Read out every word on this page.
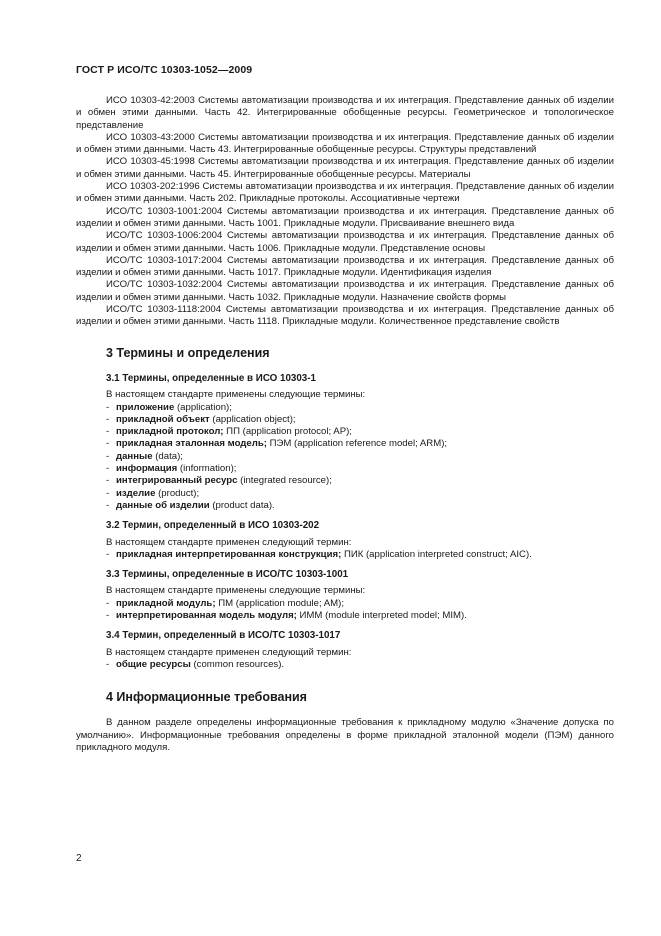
ГОСТ Р ИСО/ТС 10303-1052—2009

ИСО 10303-42:2003 Системы автоматизации производства и их интеграция. Представление данных об изделии и обмен этими данными. Часть 42. Интегрированные обобщенные ресурсы. Геометрическое и топологическое представление

ИСО 10303-43:2000 Системы автоматизации производства и их интеграция. Представление данных об изделии и обмен этими данными. Часть 43. Интегрированные обобщенные ресурсы. Структуры представлений

ИСО 10303-45:1998 Системы автоматизации производства и их интеграция. Представление данных об изделии и обмен этими данными. Часть 45. Интегрированные обобщенные ресурсы. Материалы

ИСО 10303-202:1996 Системы автоматизации производства и их интеграция. Представление данных об изделии и обмен этими данными. Часть 202. Прикладные протоколы. Ассоциативные чертежи

ИСО/ТС 10303-1001:2004 Системы автоматизации производства и их интеграция. Представление данных об изделии и обмен этими данными. Часть 1001. Прикладные модули. Присваивание внешнего вида

ИСО/ТС 10303-1006:2004 Системы автоматизации производства и их интеграция. Представление данных об изделии и обмен этими данными. Часть 1006. Прикладные модули. Представление основы

ИСО/ТС 10303-1017:2004 Системы автоматизации производства и их интеграция. Представление данных об изделии и обмен этими данными. Часть 1017. Прикладные модули. Идентификация изделия

ИСО/ТС 10303-1032:2004 Системы автоматизации производства и их интеграция. Представление данных об изделии и обмен этими данными. Часть 1032. Прикладные модули. Назначение свойств формы

ИСО/ТС 10303-1118:2004 Системы автоматизации производства и их интеграция. Представление данных об изделии и обмен этими данными. Часть 1118. Прикладные модули. Количественное представление свойств

3 Термины и определения
3.1 Термины, определенные в ИСО 10303-1
В настоящем стандарте применены следующие термины:
- приложение (application);
- прикладной объект (application object);
- прикладной протокол; ПП (application protocol; AP);
- прикладная эталонная модель; ПЭМ (application reference model; ARM);
- данные (data);
- информация (information);
- интегрированный ресурс (integrated resource);
- изделие (product);
- данные об изделии (product data).
3.2 Термин, определенный в ИСО 10303-202
В настоящем стандарте применен следующий термин:
- прикладная интерпретированная конструкция; ПИК (application interpreted construct; AIC).
3.3 Термины, определенные в ИСО/ТС 10303-1001
В настоящем стандарте применены следующие термины:
- прикладной модуль; ПМ (application module; AM);
- интерпретированная модель модуля; ИММ (module interpreted model; MIM).
3.4 Термин, определенный в ИСО/ТС 10303-1017
В настоящем стандарте применен следующий термин:
- общие ресурсы (common resources).
4 Информационные требования

В данном разделе определены информационные требования к прикладному модулю «Значение допуска по умолчанию». Информационные требования определены в форме прикладной эталонной модели (ПЭМ) данного прикладного модуля.

2
